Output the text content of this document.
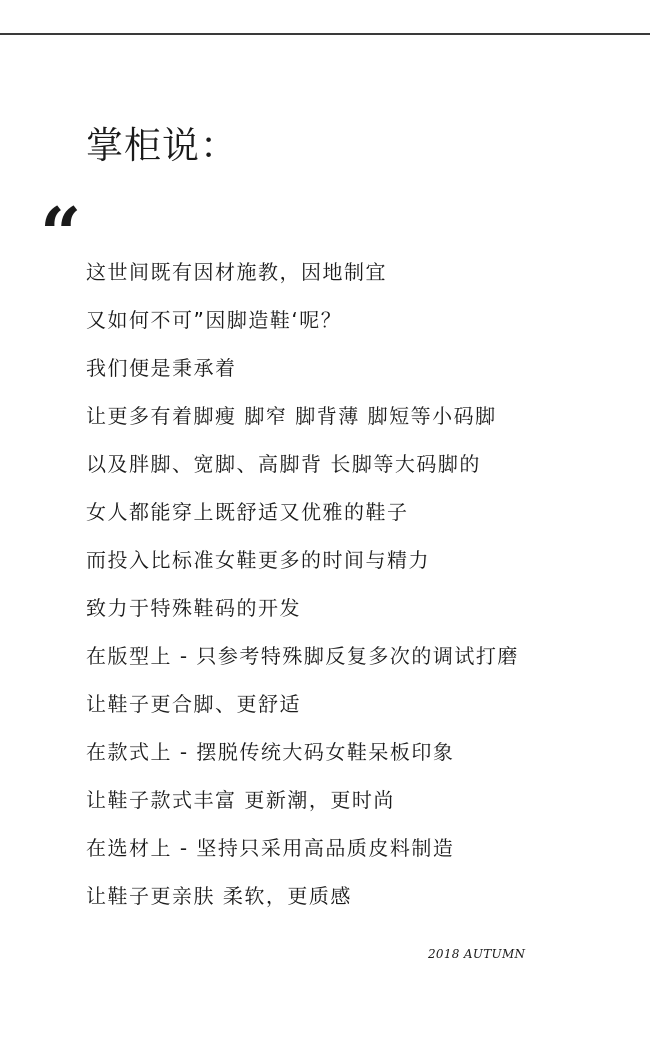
掌柜说：
“ 这世间既有因材施教，因地制宜
又如何不可”因脚造鞋‘呢？
我们便是秉承着
让更多有着脚瘦 脚窄 脚背薄 脚短等小码脚
以及胖脚、宽脚、高脚背 长脚等大码脚的
女人都能穿上既舒适又优雅的鞋子
而投入比标准女鞋更多的时间与精力
致力于特殊鞋码的开发
在版型上 - 只参考特殊脚反复多次的调试打磨
让鞋子更合脚、更舒适
在款式上 - 摆脱传统大码女鞋呆板印象
让鞋子款式丰富 更新潮，更时尚
在选材上 - 坚持只采用高品质皮料制造
让鞋子更亲肤 柔软，更质感
2018 AUTUMN
